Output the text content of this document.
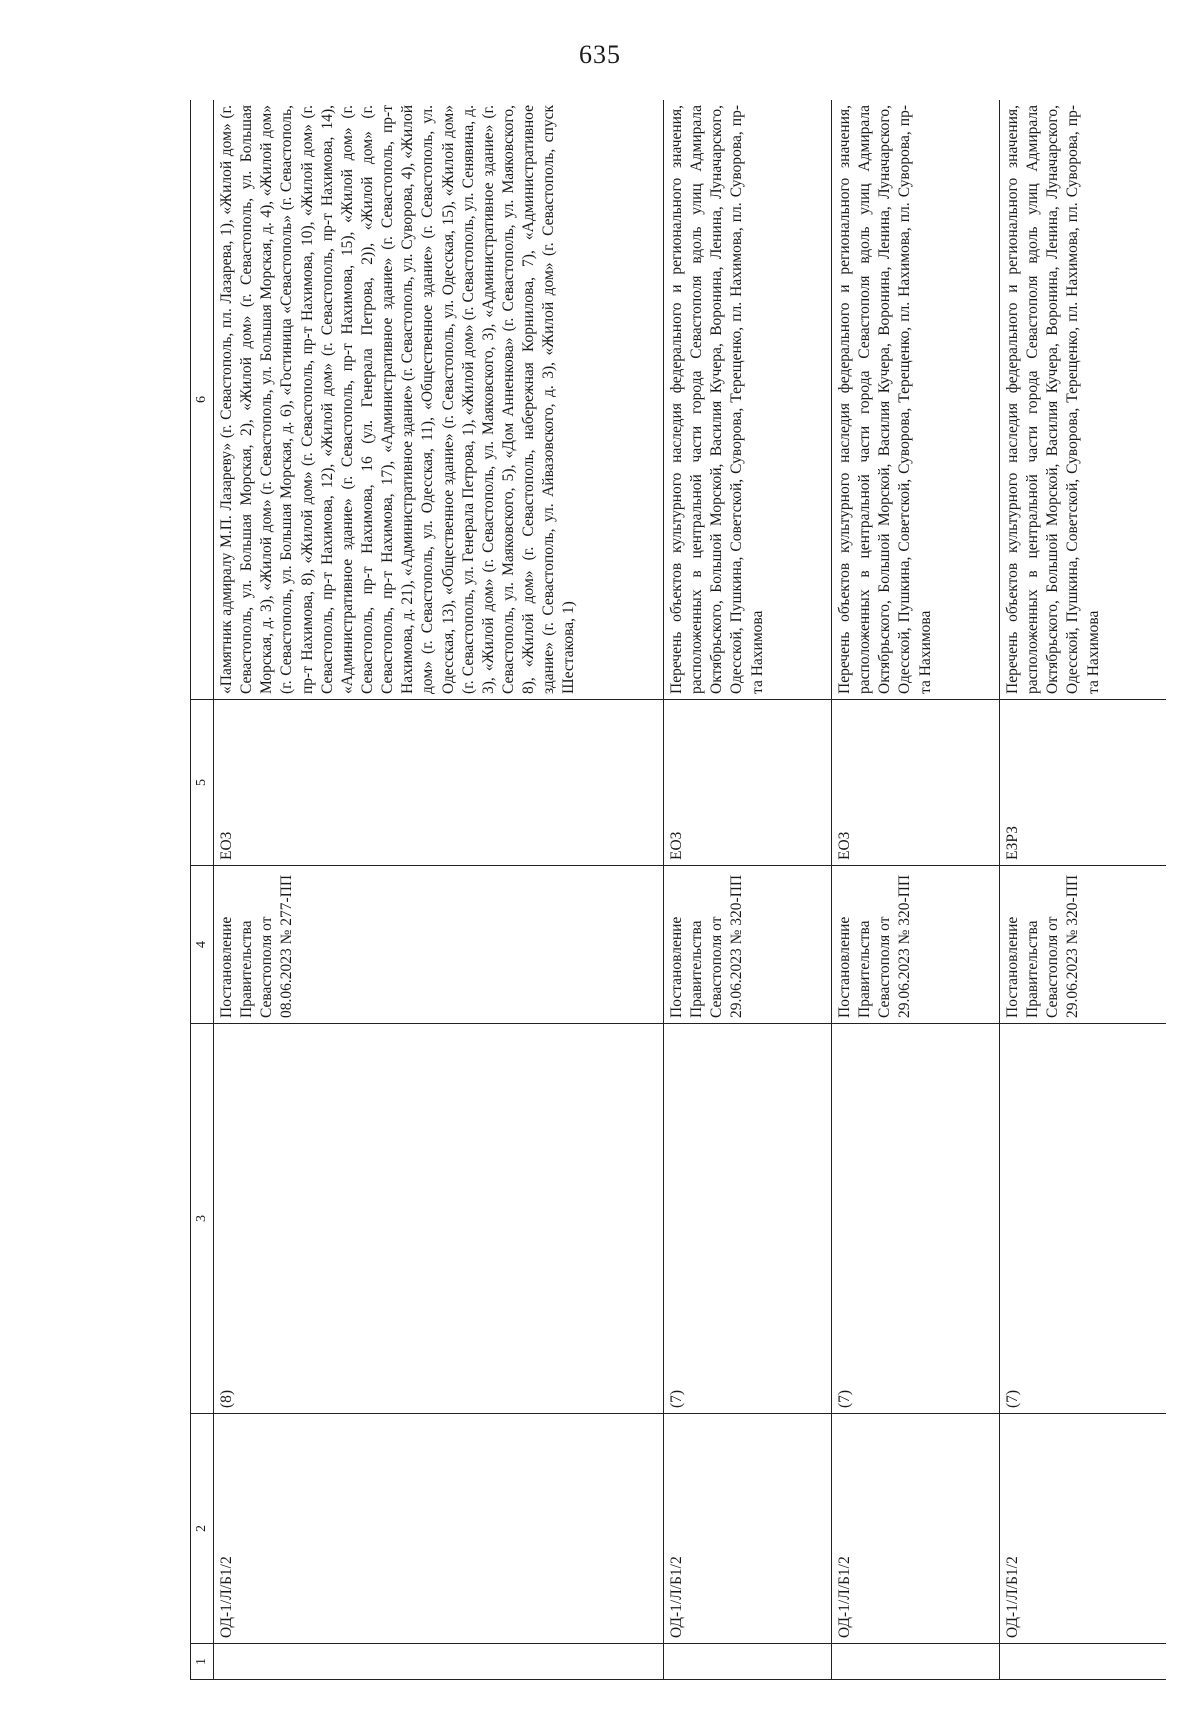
635
1	2	3	4	5	6
	ОД-1/Л/Б1/2	(8)	Постановление Правительства Севастополя от 08.06.2023 № 277-ПП	ЕОЗ	«Памятник адмиралу М.П. Лазареву» (г. Севастополь, пл. Лазарева, 1), «Жилой дом» (г. Севастополь, ул. Большая Морская, 2), «Жилой дом» (г. Севастополь, ул. Большая Морская, д. 3), «Жилой дом» (г. Севастополь, ул. Большая Морская, д. 4), «Жилой дом» (г. Севастополь, ул. Большая Морская, д. 6), «Гостиница «Севастополь» (г. Севастополь, пр-т Нахимова, 8), «Жилой дом» (г. Севастополь, пр-т Нахимова, 10), «Жилой дом» (г. Севастополь, пр-т Нахимова, 12), «Жилой дом» (г. Севастополь, пр-т Нахимова, 14), «Административное здание» (г. Севастополь, пр-т Нахимова, 15), «Жилой дом» (г. Севастополь, пр-т Нахимова, 16 (ул. Генерала Петрова, 2)), «Жилой дом» (г. Севастополь, пр-т Нахимова, 17), «Административное здание» (г. Севастополь, пр-т Нахимова, д. 21), «Административное здание» (г. Севастополь, ул. Суворова, 4), «Жилой дом» (г. Севастополь, ул. Одесская, 11), «Общественное здание» (г. Севастополь, ул. Одесская, 13), «Общественное здание» (г. Севастополь, ул. Одесская, 15), «Жилой дом» (г. Севастополь, ул. Генерала Петрова, 1), «Жилой дом» (г. Севастополь, ул. Сенявина, д. 3), «Жилой дом» (г. Севастополь, ул. Маяковского, 3), «Административное здание» (г. Севастополь, ул. Маяковского, 5), «Дом Анненкова» (г. Севастополь, ул. Маяковского, 8), «Жилой дом» (г. Севастополь, набережная Корнилова, 7), «Административное здание» (г. Севастополь, ул. Айвазовского, д. 3), «Жилой дом» (г. Севастополь, спуск Шестакова, 1)
	ОД-1/Л/Б1/2	(7)	Постановление Правительства Севастополя от 29.06.2023 № 320-ПП	ЕОЗ	Перечень объектов культурного наследия федерального и регионального значения, расположенных в центральной части города Севастополя вдоль улиц Адмирала Октябрьского, Большой Морской, Василия Кучера, Воронина, Ленина, Луначарского, Одесской, Пушкина, Советской, Суворова, Терещенко, пл. Нахимова, пл. Суворова, пр-та Нахимова
	ОД-1/Л/Б1/2	(7)	Постановление Правительства Севастополя от 29.06.2023 № 320-ПП	ЕОЗ	Перечень объектов культурного наследия федерального и регионального значения, расположенных в центральной части города Севастополя вдоль улиц Адмирала Октябрьского, Большой Морской, Василия Кучера, Воронина, Ленина, Луначарского, Одесской, Пушкина, Советской, Суворова, Терещенко, пл. Нахимова, пл. Суворова, пр-та Нахимова
	ОД-1/Л/Б1/2	(7)	Постановление Правительства Севастополя от 29.06.2023 № 320-ПП	ЕЗРЗ	Перечень объектов культурного наследия федерального и регионального значения, расположенных в центральной части города Севастополя вдоль улиц Адмирала Октябрьского, Большой Морской, Василия Кучера, Воронина, Ленина, Луначарского, Одесской, Пушкина, Советской, Суворова, Терещенко, пл. Нахимова, пл. Суворова, пр-та Нахимова
